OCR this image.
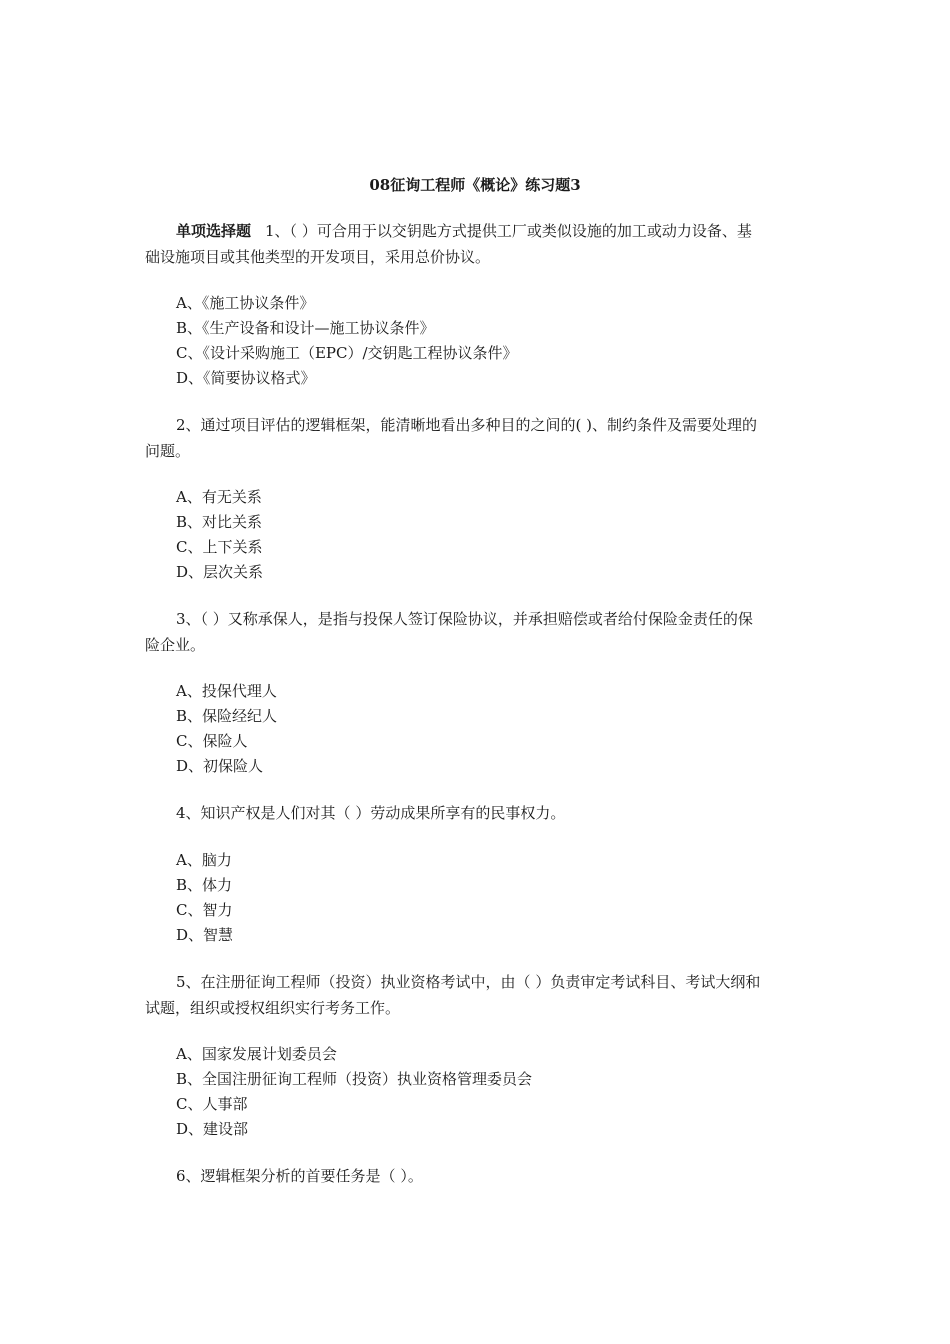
08征询工程师《概论》练习题3
单项选择题 1、（ ）可合用于以交钥匙方式提供工厂或类似设施的加工或动力设备、基
础设施项目或其他类型的开发项目，采用总价协议。
A、《施工协议条件》
B、《生产设备和设计—施工协议条件》
C、《设计采购施工（EPC）/交钥匙工程协议条件》
D、《简要协议格式》
2、通过项目评估的逻辑框架，能清晰地看出多种目的之间的( )、制约条件及需要处理的
问题。
A、有无关系
B、对比关系
C、上下关系
D、层次关系
3、（ ）又称承保人，是指与投保人签订保险协议，并承担赔偿或者给付保险金责任的保
险企业。
A、投保代理人
B、保险经纪人
C、保险人
D、初保险人
4、知识产权是人们对其（ ）劳动成果所享有的民事权力。
A、脑力
B、体力
C、智力
D、智慧
5、在注册征询工程师（投资）执业资格考试中，由（ ）负责审定考试科目、考试大纲和
试题，组织或授权组织实行考务工作。
A、国家发展计划委员会
B、全国注册征询工程师（投资）执业资格管理委员会
C、人事部
D、建设部
6、逻辑框架分析的首要任务是（ ）。
